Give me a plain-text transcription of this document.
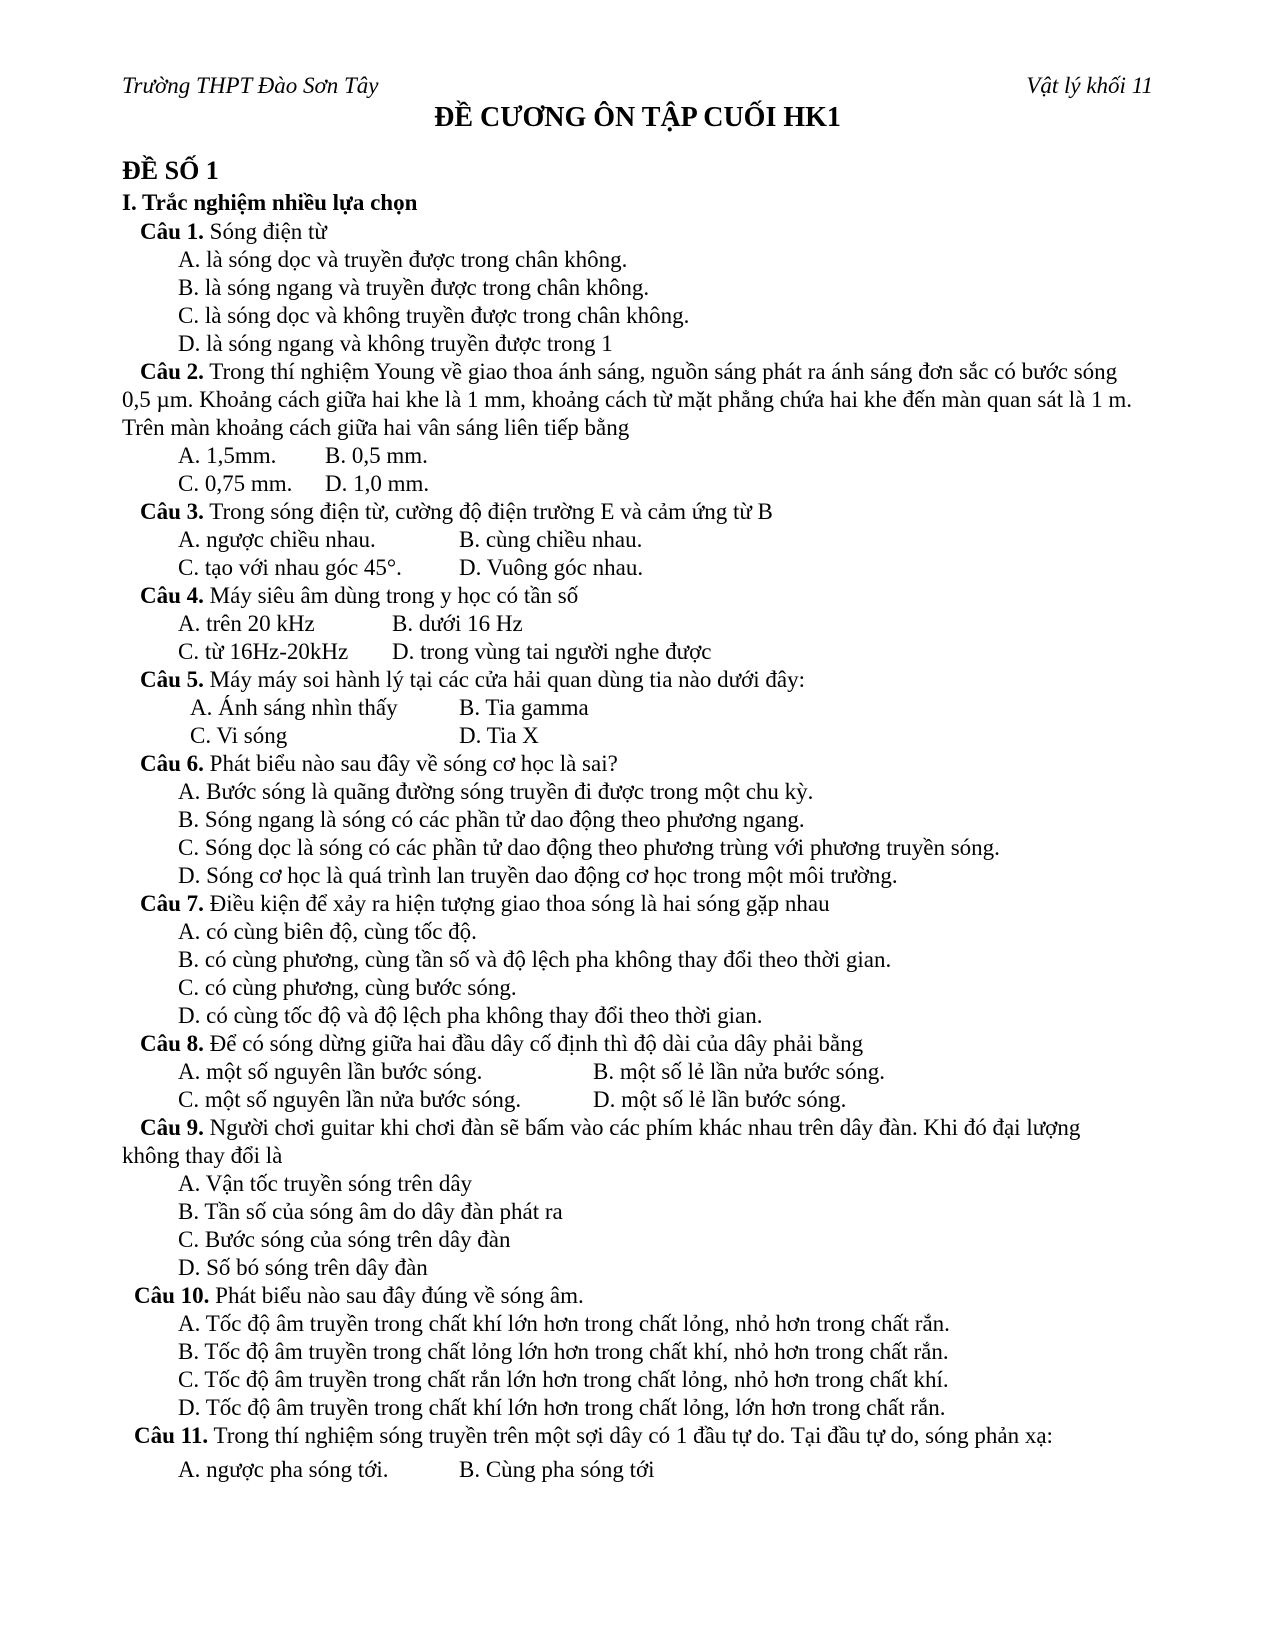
Trường THPT Đào Sơn Tây	Vật lý khối 11
ĐỀ CƯƠNG ÔN TẬP CUỐI HK1
ĐỀ SỐ 1
I. Trắc nghiệm nhiều lựa chọn
Câu 1. Sóng điện từ
A. là sóng dọc và truyền được trong chân không.
B. là sóng ngang và truyền được trong chân không.
C. là sóng dọc và không truyền được trong chân không.
D. là sóng ngang và không truyền được trong 1
Câu 2. Trong thí nghiệm Young về giao thoa ánh sáng, nguồn sáng phát ra ánh sáng đơn sắc có bước sóng 0,5 µm. Khoảng cách giữa hai khe là 1 mm, khoảng cách từ mặt phẳng chứa hai khe đến màn quan sát là 1 m. Trên màn khoảng cách giữa hai vân sáng liên tiếp bằng
A. 1,5mm. B. 0,5 mm.
C. 0,75 mm. D. 1,0 mm.
Câu 3. Trong sóng điện từ, cường độ điện trường E và cảm ứng từ B
A. ngược chiều nhau.	B. cùng chiều nhau.
C. tạo với nhau góc 45°. D. Vuông góc nhau.
Câu 4. Máy siêu âm dùng trong y học có tần số
A. trên 20 kHz	B. dưới 16 Hz
C. từ 16Hz-20kHz D. trong vùng tai người nghe được
Câu 5. Máy máy soi hành lý tại các cửa hải quan dùng tia nào dưới đây:
A. Ánh sáng nhìn thấy	B. Tia gamma
C. Vi sóng	D. Tia X
Câu 6. Phát biểu nào sau đây về sóng cơ học là sai?
A. Bước sóng là quãng đường sóng truyền đi được trong một chu kỳ.
B. Sóng ngang là sóng có các phần tử dao động theo phương ngang.
C. Sóng dọc là sóng có các phần tử dao động theo phương trùng với phương truyền sóng.
D. Sóng cơ học là quá trình lan truyền dao động cơ học trong một môi trường.
Câu 7. Điều kiện để xảy ra hiện tượng giao thoa sóng là hai sóng gặp nhau
A. có cùng biên độ, cùng tốc độ.
B. có cùng phương, cùng tần số và độ lệch pha không thay đổi theo thời gian.
C. có cùng phương, cùng bước sóng.
D. có cùng tốc độ và độ lệch pha không thay đổi theo thời gian.
Câu 8. Để có sóng dừng giữa hai đầu dây cố định thì độ dài của dây phải bằng
A. một số nguyên lần bước sóng.	B. một số lẻ lần nửa bước sóng.
C. một số nguyên lần nửa bước sóng.	D. một số lẻ lần bước sóng.
Câu 9. Người chơi guitar khi chơi đàn sẽ bấm vào các phím khác nhau trên dây đàn. Khi đó đại lượng không thay đổi là
A. Vận tốc truyền sóng trên dây
B. Tần số của sóng âm do dây đàn phát ra
C. Bước sóng của sóng trên dây đàn
D. Số bó sóng trên dây đàn
Câu 10. Phát biểu nào sau đây đúng về sóng âm.
A. Tốc độ âm truyền trong chất khí lớn hơn trong chất lỏng, nhỏ hơn trong chất rắn.
B. Tốc độ âm truyền trong chất lỏng lớn hơn trong chất khí, nhỏ hơn trong chất rắn.
C. Tốc độ âm truyền trong chất rắn lớn hơn trong chất lỏng, nhỏ hơn trong chất khí.
D. Tốc độ âm truyền trong chất khí lớn hơn trong chất lỏng, lớn hơn trong chất rắn.
Câu 11. Trong thí nghiệm sóng truyền trên một sợi dây có 1 đầu tự do. Tại đầu tự do, sóng phản xạ:
A. ngược pha sóng tới.	B. Cùng pha sóng tới
